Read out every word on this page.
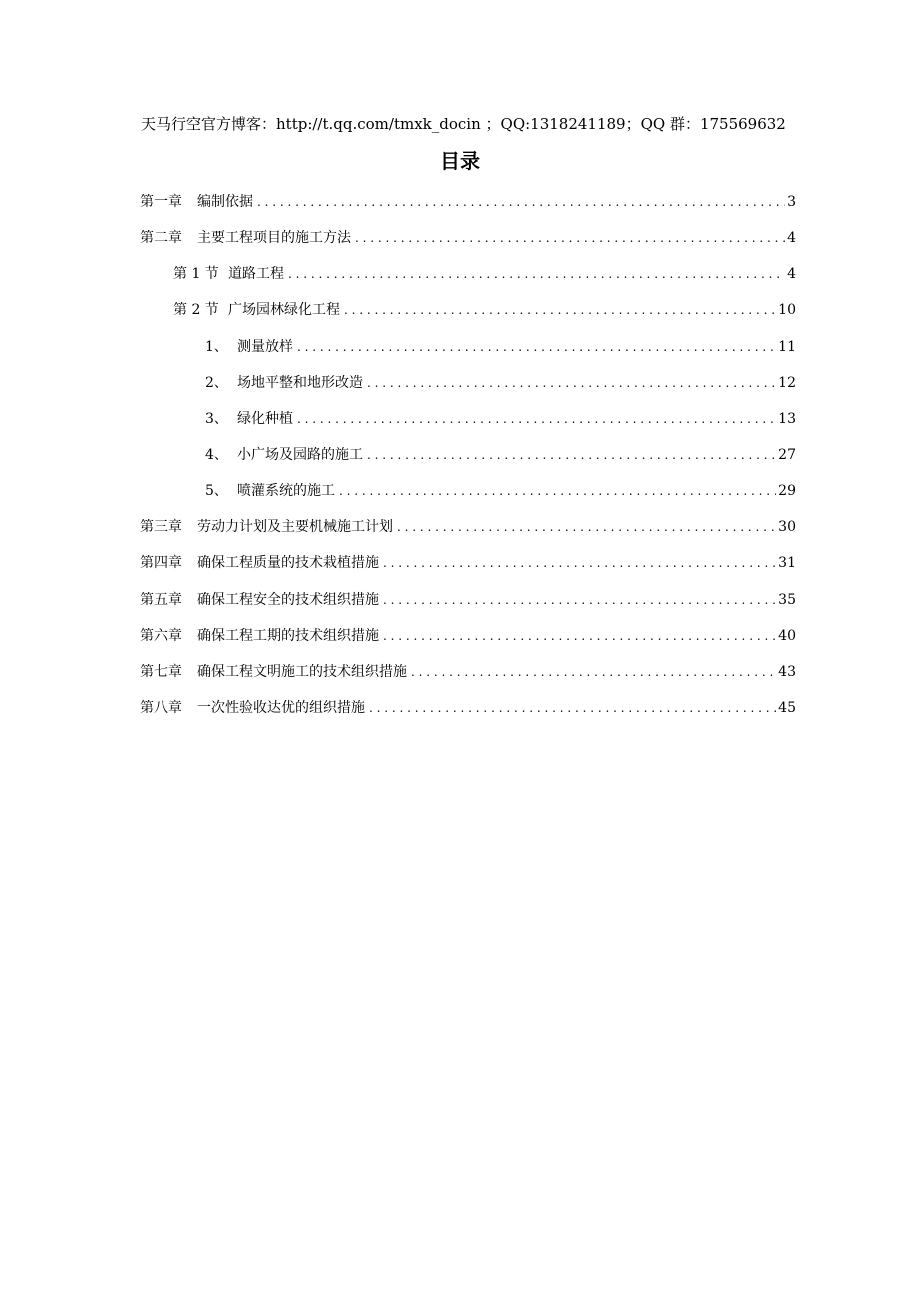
天马行空官方博客：http://t.qq.com/tmxk_docin ；QQ:1318241189；QQ 群：175569632
目录
第一章	编制依据 . . .	3
第二章	主要工程项目的施工方法 . . .	4
第 1 节 道路工程 . . .	4
第 2 节 广场园林绿化工程 . . .	10
1、 测量放样 . . .	11
2、 场地平整和地形改造 . . .	12
3、 绿化种植 . . .	13
4、 小广场及园路的施工 . . .	27
5、 喷灌系统的施工 . . .	29
第三章	劳动力计划及主要机械施工计划 . . .	30
第四章	确保工程质量的技术栽植措施 . . .	31
第五章	确保工程安全的技术组织措施 . . .	35
第六章	确保工程工期的技术组织措施 . . .	40
第七章	确保工程文明施工的技术组织措施 . . .	43
第八章	一次性验收达优的组织措施 . . .	45
